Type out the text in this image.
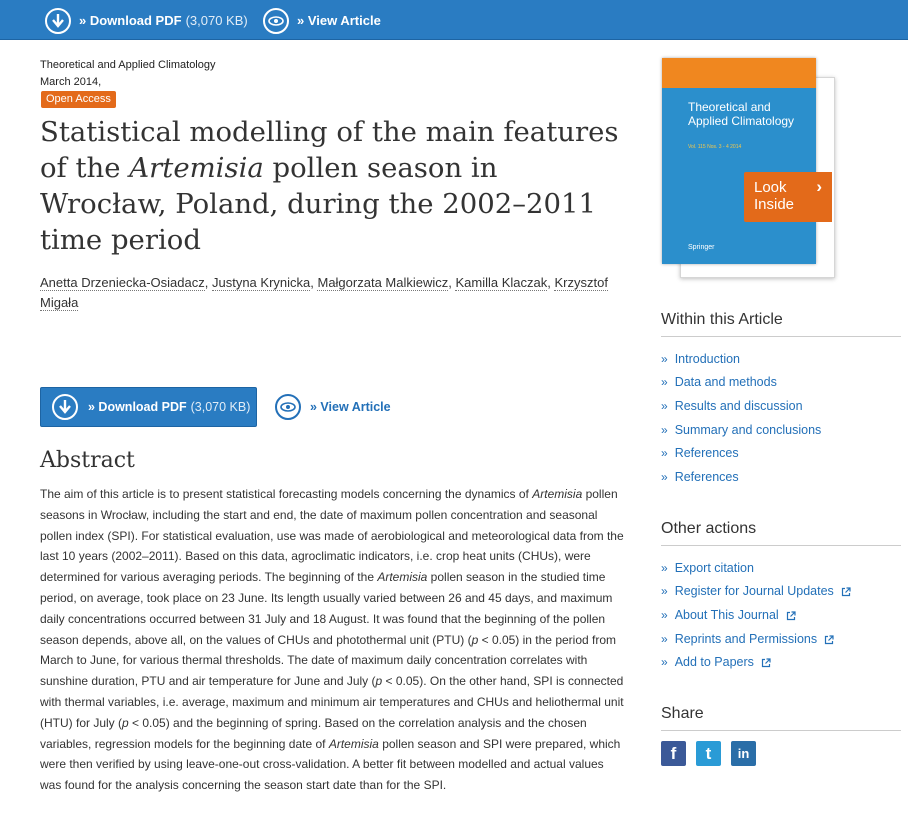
» Download PDF (3,070 KB)	» View Article
Theoretical and Applied Climatology
March 2014,
Open Access
Statistical modelling of the main features of the Artemisia pollen season in Wrocław, Poland, during the 2002–2011 time period
Anetta Drzeniecka-Osiadacz, Justyna Krynicka, Małgorzata Malkiewicz, Kamilla Klaczak, Krzysztof Migała
» Download PDF (3,070 KB)	» View Article
Abstract

The aim of this article is to present statistical forecasting models concerning the dynamics of Artemisia pollen seasons in Wrocław, including the start and end, the date of maximum pollen concentration and seasonal pollen index (SPI). For statistical evaluation, use was made of aerobiological and meteorological data from the last 10 years (2002–2011). Based on this data, agroclimatic indicators, i.e. crop heat units (CHUs), were determined for various averaging periods. The beginning of the Artemisia pollen season in the studied time period, on average, took place on 23 June. Its length usually varied between 26 and 45 days, and maximum daily concentrations occurred between 31 July and 18 August. It was found that the beginning of the pollen season depends, above all, on the values of CHUs and photothermal unit (PTU) (p < 0.05) in the period from March to June, for various thermal thresholds. The date of maximum daily concentration correlates with sunshine duration, PTU and air temperature for June and July (p < 0.05). On the other hand, SPI is connected with thermal variables, i.e. average, maximum and minimum air temperatures and CHUs and heliothermal unit (HTU) for July (p < 0.05) and the beginning of spring. Based on the correlation analysis and the chosen variables, regression models for the beginning date of Artemisia pollen season and SPI were prepared, which were then verified by using leave-one-out cross-validation. A better fit between modelled and actual values was found for the analysis concerning the season start date than for the SPI.

Theoretical and Applied Climatology
Vol. 115 Nos. 3 - 4 2014
Springer
Look Inside
›
Within this Article
» Introduction
» Data and methods
» Results and discussion
» Summary and conclusions
» References
» References
Other actions
» Export citation
» Register for Journal Updates
» About This Journal
» Reprints and Permissions
» Add to Papers
Share
f	t	in
